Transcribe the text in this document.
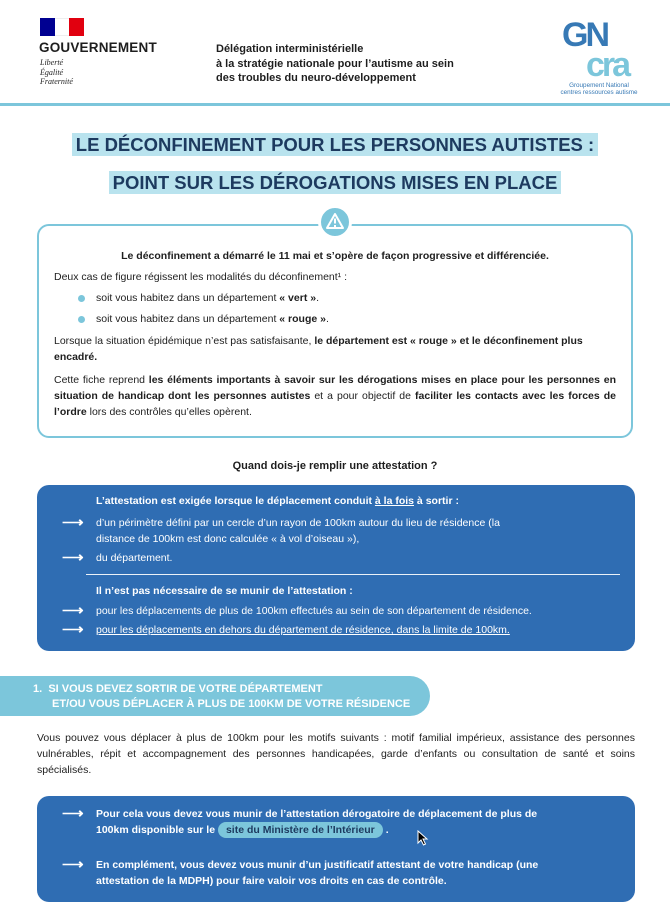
GOUVERNEMENT
Liberté
Égalité
Fraternité
Délégation interministérielle
à la stratégie nationale pour l’autisme au sein
des troubles du neuro-développement
GN
cra
Groupement National
centres ressources autisme
LE DÉCONFINEMENT POUR LES PERSONNES AUTISTES :
POINT SUR LES DÉROGATIONS MISES EN PLACE
Le déconfinement a démarré le 11 mai et s’opère de façon progressive et différenciée.
Deux cas de figure régissent les modalités du déconfinement¹ :
soit vous habitez dans un département « vert ».
soit vous habitez dans un département « rouge ».
Lorsque la situation épidémique n’est pas satisfaisante, le département est « rouge » et le déconfinement plus encadré.
Cette fiche reprend les éléments importants à savoir sur les dérogations mises en place pour les personnes en situation de handicap dont les personnes autistes et a pour objectif de faciliter les contacts avec les forces de l’ordre lors des contrôles qu’elles opèrent.
Quand dois-je remplir une attestation ?
L’attestation est exigée lorsque le déplacement conduit à la fois à sortir :
⟶ d’un périmètre défini par un cercle d’un rayon de 100km autour du lieu de résidence (la
distance de 100km est donc calculée « à vol d’oiseau »),
⟶ du département.
Il n’est pas nécessaire de se munir de l’attestation :
⟶ pour les déplacements de plus de 100km effectués au sein de son département de résidence.
⟶ pour les déplacements en dehors du département de résidence, dans la limite de 100km.
1. SI VOUS DEVEZ SORTIR DE VOTRE DÉPARTEMENT
ET/OU VOUS DÉPLACER À PLUS DE 100KM DE VOTRE RÉSIDENCE
Vous pouvez vous déplacer à plus de 100km pour les motifs suivants : motif familial impérieux, assistance des personnes vulnérables, répit et accompagnement des personnes handicapées, garde d’enfants ou consultation de santé et soins spécialisés.
⟶ Pour cela vous devez vous munir de l’attestation dérogatoire de déplacement de plus de
100km disponible sur le site du Ministère de l’Intérieur .
⟶ En complément, vous devez vous munir d’un justificatif attestant de votre handicap (une
attestation de la MDPH) pour faire valoir vos droits en cas de contrôle.
